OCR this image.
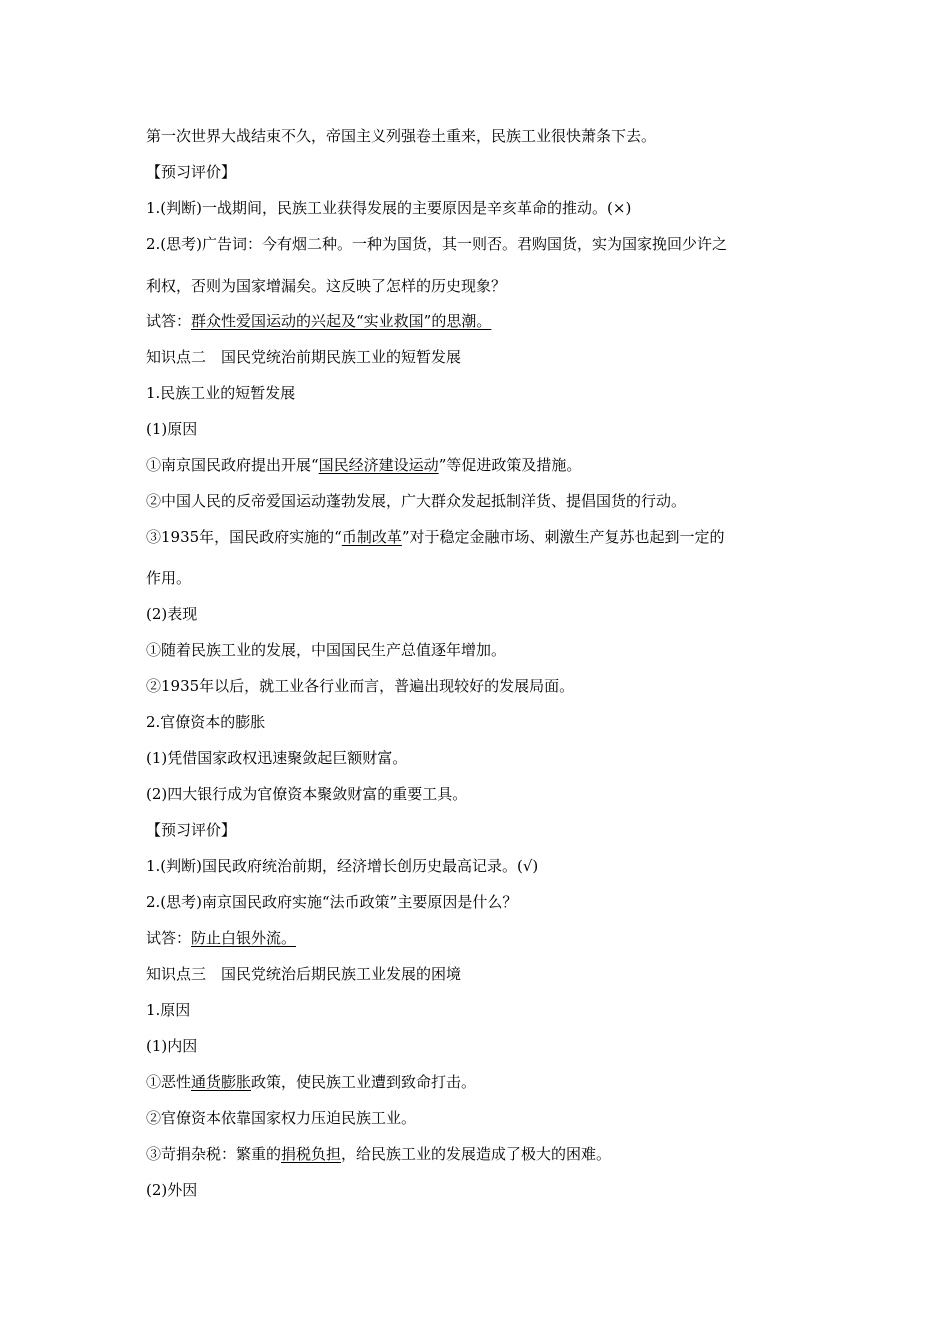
第一次世界大战结束不久，帝国主义列强卷土重来，民族工业很快萧条下去。
【预习评价】
1.(判断)一战期间，民族工业获得发展的主要原因是辛亥革命的推动。(×)
2.(思考)广告词：今有烟二种。一种为国货，其一则否。君购国货，实为国家挽回少许之
利权，否则为国家增漏矣。这反映了怎样的历史现象？
试答：群众性爱国运动的兴起及“实业救国”的思潮。
知识点二　国民党统治前期民族工业的短暂发展
1.民族工业的短暂发展
(1)原因
①南京国民政府提出开展“国民经济建设运动”等促进政策及措施。
②中国人民的反帝爱国运动蓬勃发展，广大群众发起抵制洋货、提倡国货的行动。
③1935年，国民政府实施的“币制改革”对于稳定金融市场、刺激生产复苏也起到一定的
作用。
(2)表现
①随着民族工业的发展，中国国民生产总值逐年增加。
②1935年以后，就工业各行业而言，普遍出现较好的发展局面。
2.官僚资本的膨胀
(1)凭借国家政权迅速聚敛起巨额财富。
(2)四大银行成为官僚资本聚敛财富的重要工具。
【预习评价】
1.(判断)国民政府统治前期，经济增长创历史最高记录。(√)
2.(思考)南京国民政府实施“法币政策”主要原因是什么？
试答：防止白银外流。
知识点三　国民党统治后期民族工业发展的困境
1.原因
(1)内因
①恶性通货膨胀政策，使民族工业遭到致命打击。
②官僚资本依靠国家权力压迫民族工业。
③苛捐杂税：繁重的捐税负担，给民族工业的发展造成了极大的困难。
(2)外因
